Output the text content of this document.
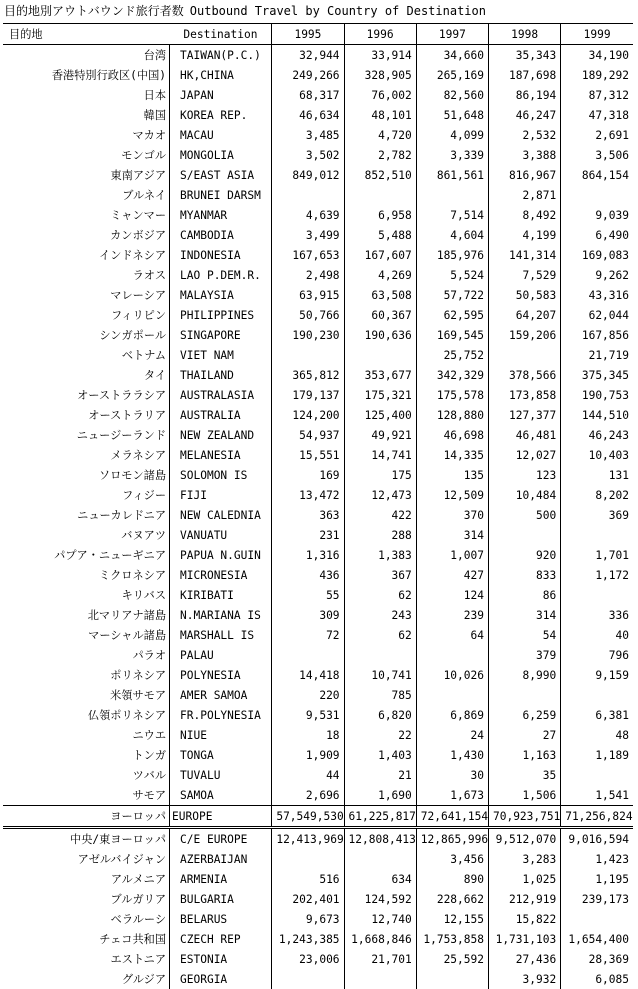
目的地別アウトバウンド旅行者数 Outbound Travel by Country of Destination
目的地	Destination	1995	1996	1997	1998	1999
台湾	TAIWAN(P.C.)	32,944	33,914	34,660	35,343	34,190
香港特別行政区(中国)	HK,CHINA	249,266	328,905	265,169	187,698	189,292
日本	JAPAN	68,317	76,002	82,560	86,194	87,312
韓国	KOREA REP.	46,634	48,101	51,648	46,247	47,318
マカオ	MACAU	3,485	4,720	4,099	2,532	2,691
モンゴル	MONGOLIA	3,502	2,782	3,339	3,388	3,506
東南アジア	S/EAST ASIA	849,012	852,510	861,561	816,967	864,154
ブルネイ	BRUNEI DARSM				2,871	
ミャンマー	MYANMAR	4,639	6,958	7,514	8,492	9,039
カンボジア	CAMBODIA	3,499	5,488	4,604	4,199	6,490
インドネシア	INDONESIA	167,653	167,607	185,976	141,314	169,083
ラオス	LAO P.DEM.R.	2,498	4,269	5,524	7,529	9,262
マレーシア	MALAYSIA	63,915	63,508	57,722	50,583	43,316
フィリピン	PHILIPPINES	50,766	60,367	62,595	64,207	62,044
シンガポール	SINGAPORE	190,230	190,636	169,545	159,206	167,856
ベトナム	VIET NAM			25,752		21,719
タイ	THAILAND	365,812	353,677	342,329	378,566	375,345
オーストララシア	AUSTRALASIA	179,137	175,321	175,578	173,858	190,753
オーストラリア	AUSTRALIA	124,200	125,400	128,880	127,377	144,510
ニュージーランド	NEW ZEALAND	54,937	49,921	46,698	46,481	46,243
メラネシア	MELANESIA	15,551	14,741	14,335	12,027	10,403
ソロモン諸島	SOLOMON IS	169	175	135	123	131
フィジー	FIJI	13,472	12,473	12,509	10,484	8,202
ニューカレドニア	NEW CALEDNIA	363	422	370	500	369
バヌアツ	VANUATU	231	288	314		
パプア・ニューギニア	PAPUA N.GUIN	1,316	1,383	1,007	920	1,701
ミクロネシア	MICRONESIA	436	367	427	833	1,172
キリバス	KIRIBATI	55	62	124	86	
北マリアナ諸島	N.MARIANA IS	309	243	239	314	336
マーシャル諸島	MARSHALL IS	72	62	64	54	40
パラオ	PALAU				379	796
ポリネシア	POLYNESIA	14,418	10,741	10,026	8,990	9,159
米領サモア	AMER SAMOA	220	785			
仏領ポリネシア	FR.POLYNESIA	9,531	6,820	6,869	6,259	6,381
ニウエ	NIUE	18	22	24	27	48
トンガ	TONGA	1,909	1,403	1,430	1,163	1,189
ツバル	TUVALU	44	21	30	35	
サモア	SAMOA	2,696	1,690	1,673	1,506	1,541
ヨーロッパ	EUROPE	57,549,530	61,225,817	72,641,154	70,923,751	71,256,824
中央/東ヨーロッパ	C/E EUROPE	12,413,969	12,808,413	12,865,996	9,512,070	9,016,594
アゼルバイジャン	AZERBAIJAN			3,456	3,283	1,423
アルメニア	ARMENIA	516	634	890	1,025	1,195
ブルガリア	BULGARIA	202,401	124,592	228,662	212,919	239,173
ベラルーシ	BELARUS	9,673	12,740	12,155	15,822	
チェコ共和国	CZECH REP	1,243,385	1,668,846	1,753,858	1,731,103	1,654,400
エストニア	ESTONIA	23,006	21,701	25,592	27,436	28,369
グルジア	GEORGIA				3,932	6,085
